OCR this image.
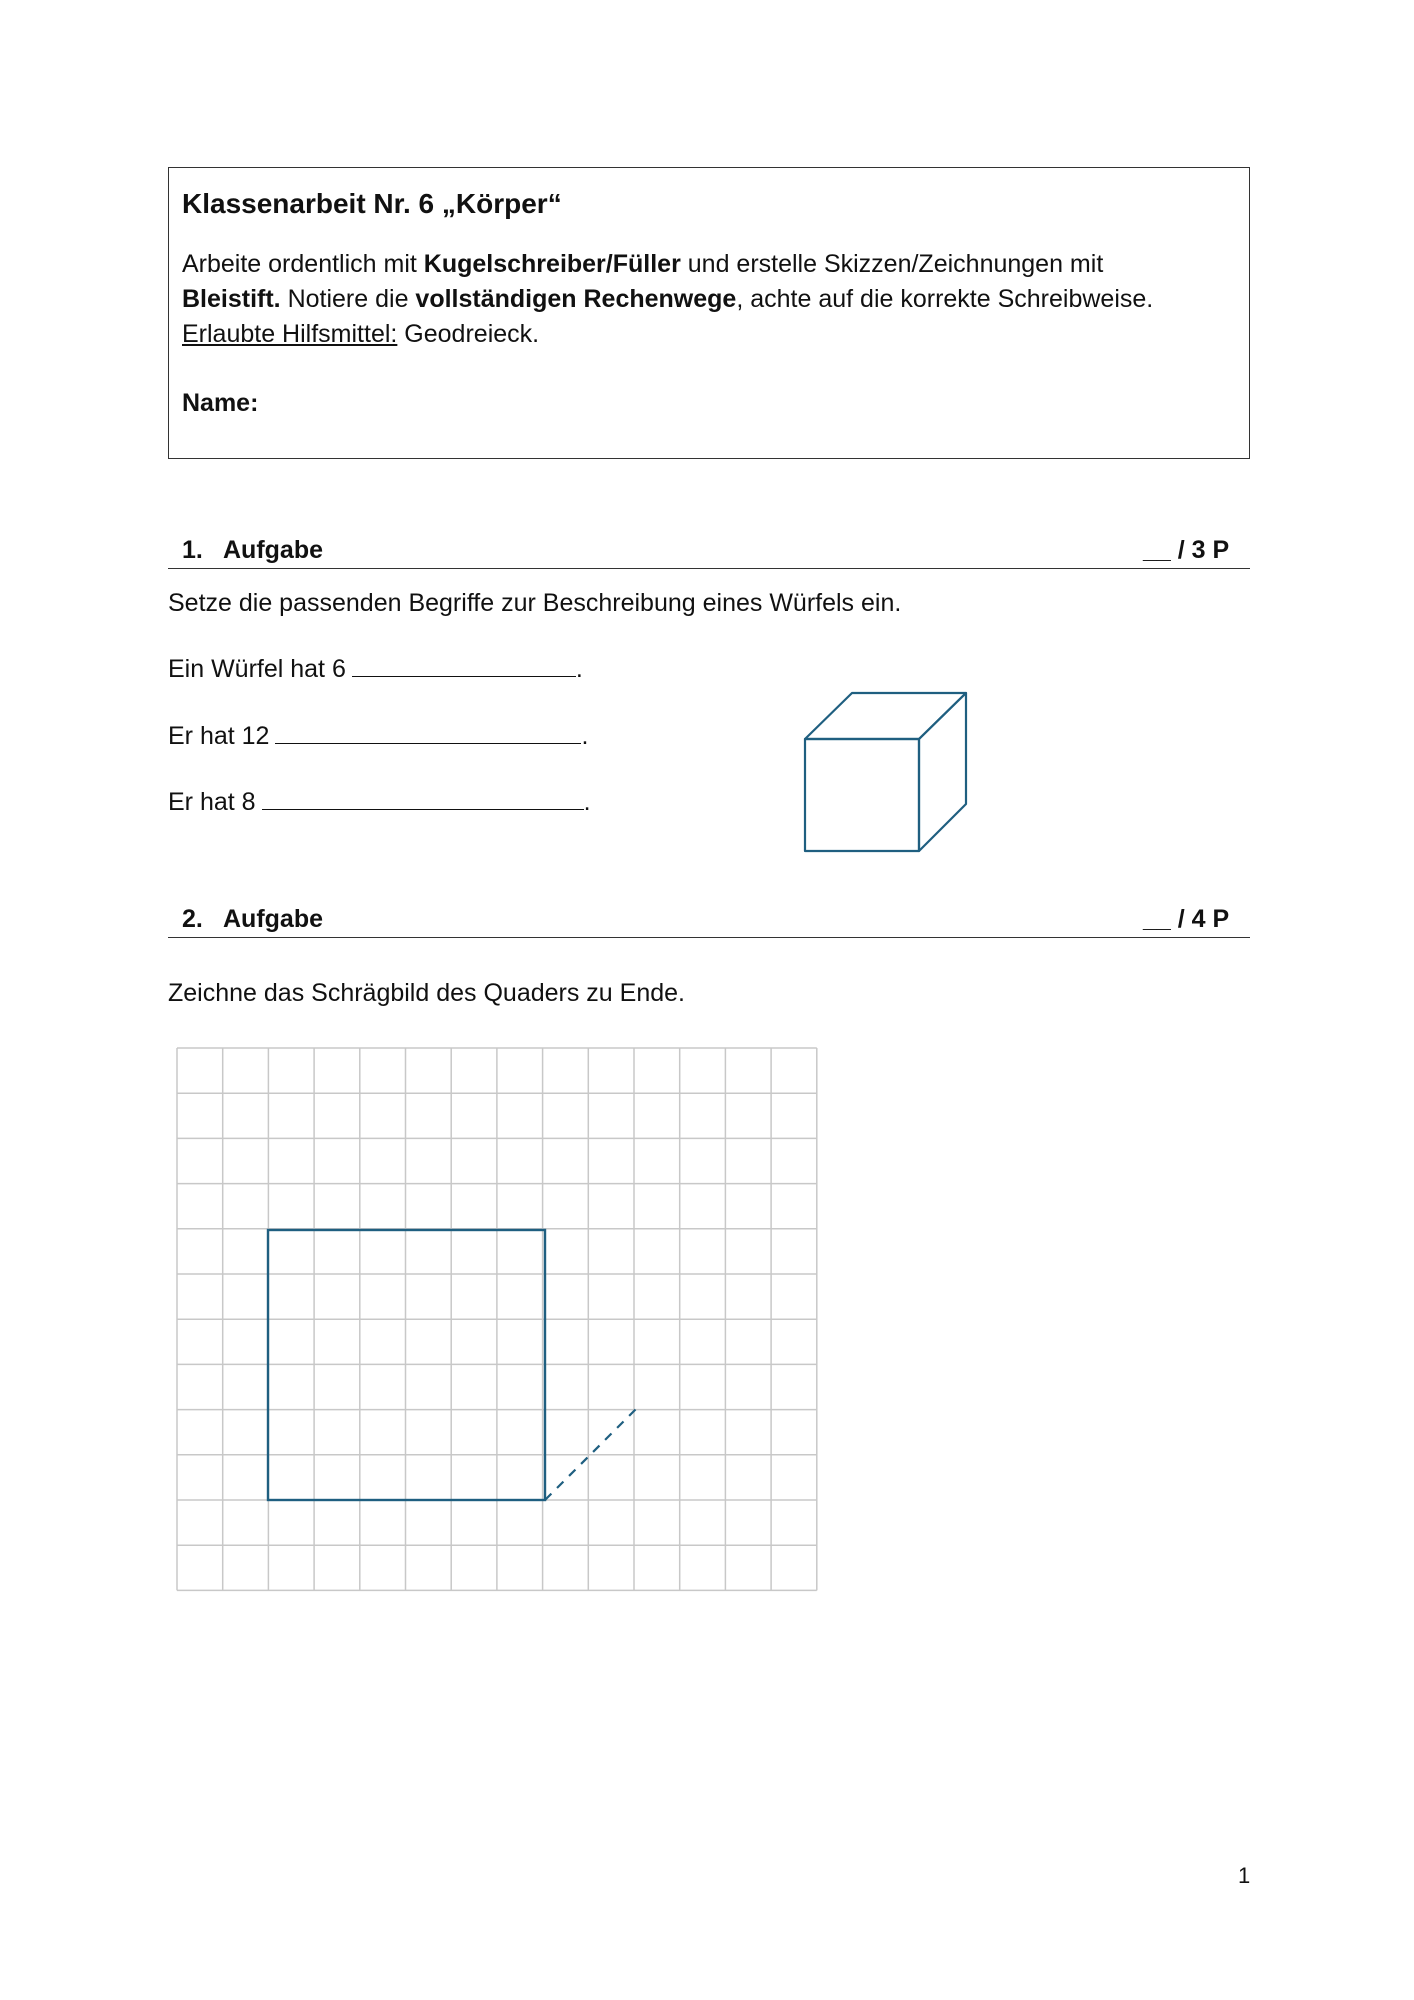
Klassenarbeit Nr. 6 „Körper“
Arbeite ordentlich mit Kugelschreiber/Füller und erstelle Skizzen/Zeichnungen mit
Bleistift. Notiere die vollständigen Rechenwege, achte auf die korrekte Schreibweise.
Erlaubte Hilfsmittel: Geodreieck.
Name:
1. Aufgabe	__ / 3 P
Setze die passenden Begriffe zur Beschreibung eines Würfels ein.
Ein Würfel hat 6	.
Er hat 12	.
Er hat 8	.
2. Aufgabe	__ / 4 P
Zeichne das Schrägbild des Quaders zu Ende.
1
